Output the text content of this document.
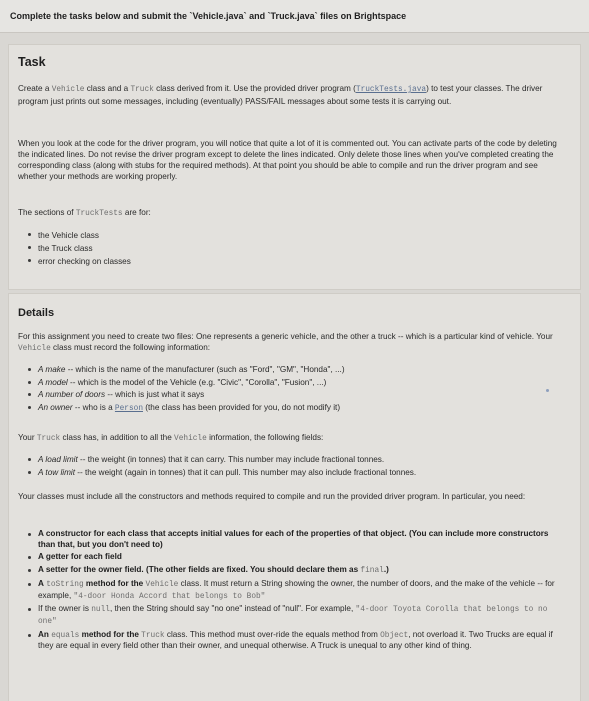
Complete the tasks below and submit the `Vehicle.java` and `Truck.java` files on Brightspace
Task

Create a Vehicle class and a Truck class derived from it. Use the provided driver program (TruckTests.java) to test your classes. The driver program just prints out some messages, including (eventually) PASS/FAIL messages about some tests it is carrying out.

When you look at the code for the driver program, you will notice that quite a lot of it is commented out. You can activate parts of the code by deleting the indicated lines. Do not revise the driver program except to delete the lines indicated. Only delete those lines when you've completed creating the corresponding class (along with stubs for the required methods). At that point you should be able to compile and run the driver program and see whether your methods are working properly.

The sections of TruckTests are for:

the Vehicle class
the Truck class
error checking on classes
Details

For this assignment you need to create two files: One represents a generic vehicle, and the other a truck -- which is a particular kind of vehicle. Your Vehicle class must record the following information:

A make -- which is the name of the manufacturer (such as "Ford", "GM", "Honda", ...)
A model -- which is the model of the Vehicle (e.g. "Civic", "Corolla", "Fusion", ...)
A number of doors -- which is just what it says
An owner -- who is a Person (the class has been provided for you, do not modify it)

Your Truck class has, in addition to all the Vehicle information, the following fields:

A load limit -- the weight (in tonnes) that it can carry. This number may include fractional tonnes.
A tow limit -- the weight (again in tonnes) that it can pull. This number may also include fractional tonnes.

Your classes must include all the constructors and methods required to compile and run the provided driver program. In particular, you need:

A constructor for each class that accepts initial values for each of the properties of that object. (You can include more constructors than that, but you don't need to)
A getter for each field
A setter for the owner field. (The other fields are fixed. You should declare them as final.)
A toString method for the Vehicle class. It must return a String showing the owner, the number of doors, and the make of the vehicle -- for example, "4-door Honda Accord that belongs to Bob"
If the owner is null, then the String should say "no one" instead of "null". For example, "4-door Toyota Corolla that belongs to no one"
An equals method for the Truck class. This method must over-ride the equals method from Object, not overload it. Two Trucks are equal if they are equal in every field other than their owner, and unequal otherwise. A Truck is unequal to any other kind of thing.
